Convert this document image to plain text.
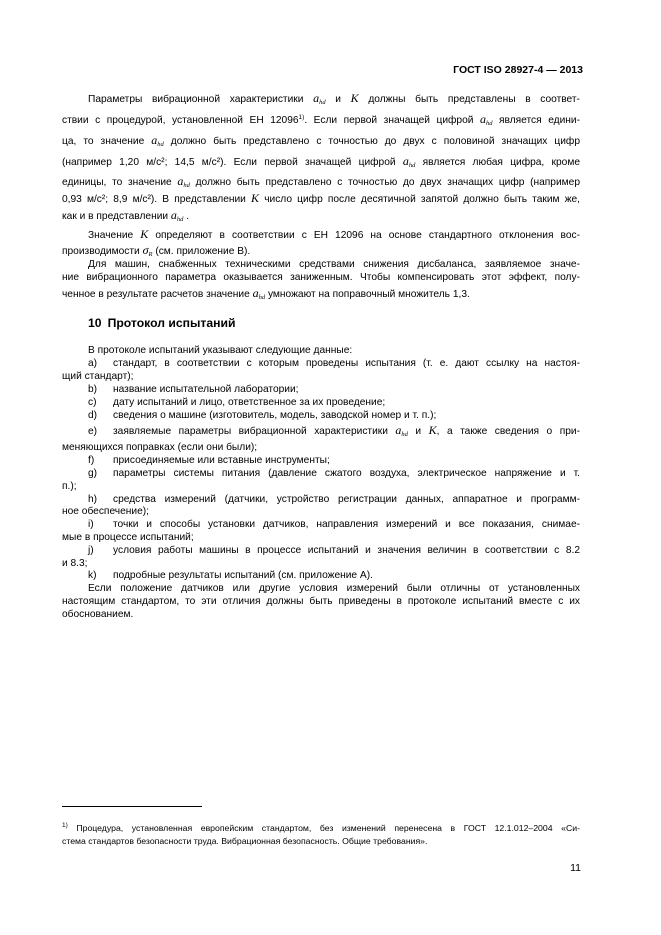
ГОСТ ISO 28927-4 — 2013
Параметры вибрационной характеристики $a_{hd}$ и K должны быть представлены в соответ-
ствии с процедурой, установленной ЕН 12096$^{1)}$. Если первой значащей цифрой $a_{hd}$ является едини-
ца, то значение $a_{hd}$ должно быть представлено с точностью до двух с половиной значащих цифр
(например 1,20 м/с²; 14,5 м/с²). Если первой значащей цифрой $a_{hd}$ является любая цифра, кроме
единицы, то значение $a_{hd}$ должно быть представлено с точностью до двух значащих цифр (например
0,93 м/с²; 8,9 м/с²). В представлении K число цифр после десятичной запятой должно быть таким же,
как и в представлении $a_{hd}$ .
Значение K определяют в соответствии с ЕН 12096 на основе стандартного отклонения вос-
производимости $\sigma_R$ (см. приложение В).
Для машин, снабженных техническими средствами снижения дисбаланса, заявляемое значе-
ние вибрационного параметра оказывается заниженным. Чтобы компенсировать этот эффект, полу-
ченное в результате расчетов значение $a_{hd}$ умножают на поправочный множитель 1,3.
10 Протокол испытаний
В протоколе испытаний указывают следующие данные:
a) стандарт, в соответствии с которым проведены испытания (т. е. дают ссылку на настоя-
щий стандарт);
b) название испытательной лаборатории;
c) дату испытаний и лицо, ответственное за их проведение;
d) сведения о машине (изготовитель, модель, заводской номер и т. п.);
e) заявляемые параметры вибрационной характеристики $a_{hd}$ и K, а также сведения о при-
меняющихся поправках (если они были);
f) присоединяемые или вставные инструменты;
g) параметры системы питания (давление сжатого воздуха, электрическое напряжение и т.
п.);
h) средства измерений (датчики, устройство регистрации данных, аппаратное и программ-
ное обеспечение);
i) точки и способы установки датчиков, направления измерений и все показания, снимае-
мые в процессе испытаний;
j) условия работы машины в процессе испытаний и значения величин в соответствии с 8.2
и 8.3;
k) подробные результаты испытаний (см. приложение А).
Если положение датчиков или другие условия измерений были отличны от установленных
настоящим стандартом, то эти отличия должны быть приведены в протоколе испытаний вместе с их
обоснованием.
$^{1)}$ Процедура, установленная европейским стандартом, без изменений перенесена в ГОСТ 12.1.012–2004 «Си-
стема стандартов безопасности труда. Вибрационная безопасность. Общие требования».
11
